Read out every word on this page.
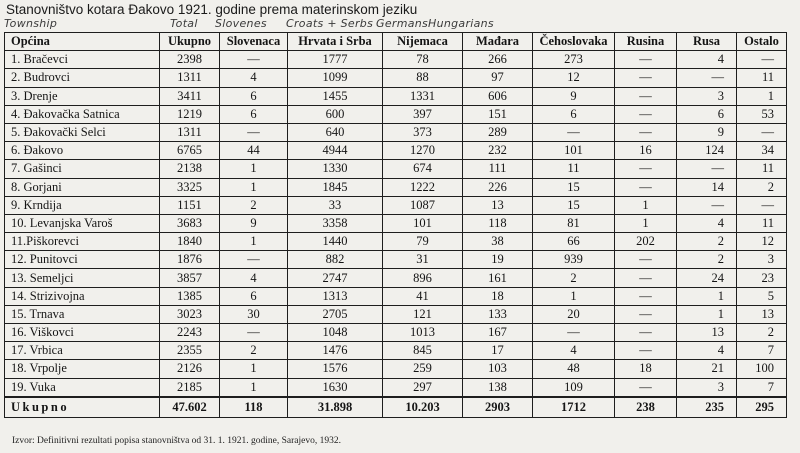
Stanovništvo kotara Đakovo 1921. godine prema materinskom jeziku
Township	Total Slovenes Croats + Serbs Germans Hungarians
Općina	Ukupno	Slovenaca	Hrvata i Srba	Nijemaca	Mađara	Čehoslovaka	Rusina	Rusa	Ostalo
1. Bračevci	2398	—	1777	78	266	273	—	4	—
2. Budrovci	1311	4	1099	88	97	12	—	—	11
3. Drenje	3411	6	1455	1331	606	9	—	3	1
4. Đakovačka Satnica	1219	6	600	397	151	6	—	6	53
5. Đakovački Selci	1311	—	640	373	289	—	—	9	—
6. Đakovo	6765	44	4944	1270	232	101	16	124	34
7. Gašinci	2138	1	1330	674	111	11	—	—	11
8. Gorjani	3325	1	1845	1222	226	15	—	14	2
9. Krndija	1151	2	33	1087	13	15	1	—	—
10. Levanjska Varoš	3683	9	3358	101	118	81	1	4	11
11.Piškorevci	1840	1	1440	79	38	66	202	2	12
12. Punitovci	1876	—	882	31	19	939	—	2	3
13. Semeljci	3857	4	2747	896	161	2	—	24	23
14. Strizivojna	1385	6	1313	41	18	1	—	1	5
15. Trnava	3023	30	2705	121	133	20	—	1	13
16. Viškovci	2243	—	1048	1013	167	—	—	13	2
17. Vrbica	2355	2	1476	845	17	4	—	4	7
18. Vrpolje	2126	1	1576	259	103	48	18	21	100
19. Vuka	2185	1	1630	297	138	109	—	3	7
Ukupno	47.602	118	31.898	10.203	2903	1712	238	235	295
Izvor: Definitivni rezultati popisa stanovništva od 31. 1. 1921. godine, Sarajevo, 1932.
